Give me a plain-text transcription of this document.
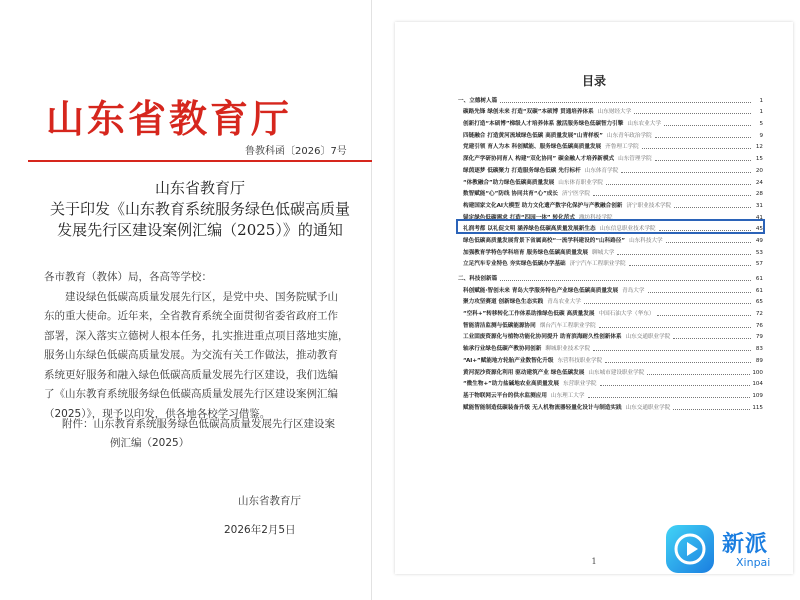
山东省教育厅
鲁教科函〔2026〕7号
山东省教育厅
关于印发《山东教育系统服务绿色低碳高质量
发展先行区建设案例汇编（2025）》的通知

各市教育（教体）局，各高等学校：

建设绿色低碳高质量发展先行区，是党中央、国务院赋予山

东的重大使命。近年来，全省教育系统全面贯彻省委省政府工作

部署，深入落实立德树人根本任务，扎实推进重点项目落地实施，

服务山东绿色低碳高质量发展。为交流有关工作做法，推动教育

系统更好服务和融入绿色低碳高质量发展先行区建设，我们选编

了《山东教育系统服务绿色低碳高质量发展先行区建设案例汇编

（2025）》，现予以印发，供各地各校学习借鉴。

附件：山东教育系统服务绿色低碳高质量发展先行区建设案
例汇编（2025）
山东省教育厅
2026年2月5日
目录
一、立德树人篇	1
碳路先锋 绿创未来 打造“双碳”本硕博 贯通培养体系 山东财经大学	1
创新打造“本硕博”梯级人才培养体系 激活服务绿色低碳智力引擎 山东农业大学	5
四链融合 打造黄河流域绿色低碳 高质量发展“山青样板” 山东青年政治学院	9
党建引领 育人为本 科创赋能、服务绿色低碳高质量发展 齐鲁理工学院	12
深化产学研协同育人 构建“双化协同” 碳金融人才培养新模式 山东管理学院	15
绿茵逐梦 低碳聚力 打造服务绿色低碳 先行标杆 山东体育学院	20
“体教融合”助力绿色低碳高质量发展 山东体育职业学院	24
数智赋能“心”防线 协同共育“心”成长 济宁医学院	28
构建国家文化AI大模型 助力文化遗产数字化保护与产教融合创新 济宁职业技术学院	31
锚定绿色低碳需求 打造“四园一体” 转化范式 潍坊科技学院	41
礼润考都 以礼促文明 涵养绿色低碳高质量发展新生态 山东信息职业技术学院	45
绿色低碳高质量发展背景下省属高校“一流学科建设的“山科路径” 山东科技大学	49
加强教育学特色学科培育 服务绿色低碳高质量发展 聊城大学	53
立足汽车专业特色 夯实绿色低碳办学基础 济宁汽车工程职业学院	57
二、科技创新篇	61
科创赋能·智创未来 青岛大学服务特色产业绿色低碳高质量发展 青岛大学	61
聚力攻坚赛道 创新绿色生态实践 青岛农业大学	65
“空科+”转移转化工作体系助推绿色低碳 高质量发展 中国石油大学（华东）	72
智能清洁监测与低碳能源协同 烟台汽车工程职业学院	76
工业固废资源化与植物功能化协同提升 助育滨海耐久性创新体系 山东交通职业学院	79
轴承行业绿色低碳产教协同创新 聊城职业技术学院	83
“AI+”赋能地方轮胎产业数智化升级 东营科技职业学院	89
黄河泥沙资源化利用 驱动建筑产业 绿色低碳发展 山东城市建设职业学院	100
“微生物+”助力盐碱地农业高质量发展 东营职业学院	104
基于物联网云平台的供水监测应用 山东理工大学	109
赋能智能制造低碳装备升级 无人机物流器轻量化设计与制造实践 山东交通职业学院	115
1
新派
Xinpai
